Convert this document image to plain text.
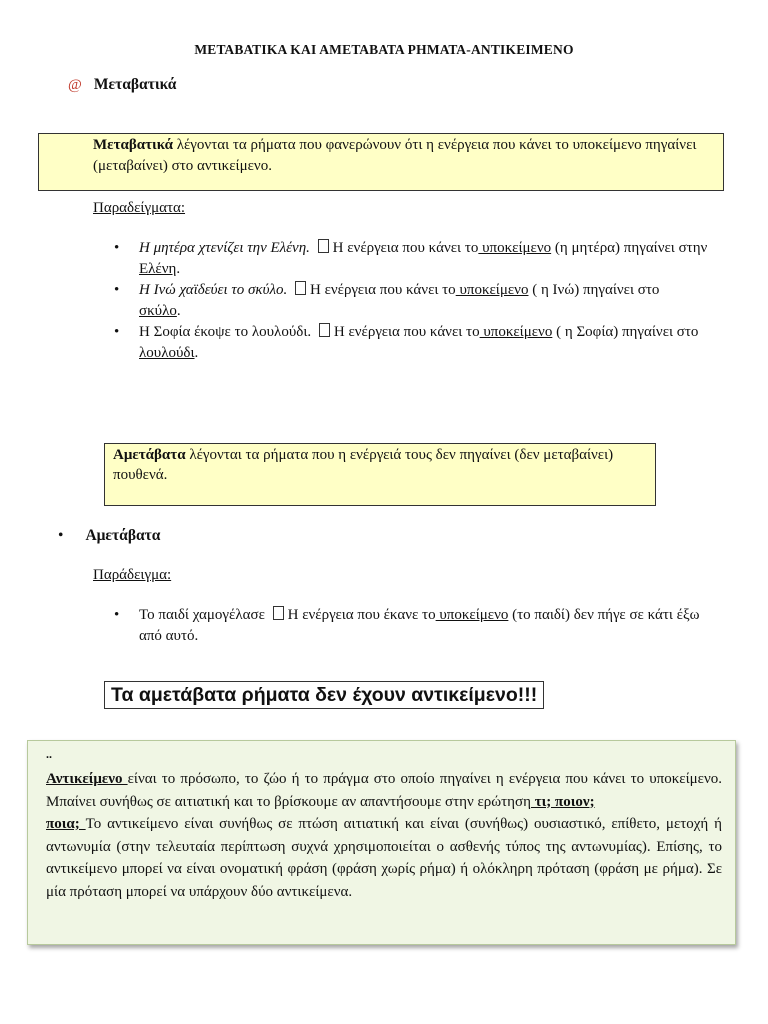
ΜΕΤΑΒΑΤΙΚΑ ΚΑΙ ΑΜΕΤΑΒΑΤΑ ΡΗΜΑΤΑ-ΑΝΤΙΚΕΙΜΕΝΟ
@ Μεταβατικά
Μεταβατικά λέγονται τα ρήματα που φανερώνουν ότι η ενέργεια που κάνει το υποκείμενο πηγαίνει (μεταβαίνει) στο αντικείμενο.
Παραδείγματα:
• Η μητέρα χτενίζει την Ελένη. Η ενέργεια που κάνει το υποκείμενο (η μητέρα) πηγαίνει στην Ελένη.
• Η Ινώ χαϊδεύει το σκύλο. Η ενέργεια που κάνει το υποκείμενο ( η Ινώ) πηγαίνει στο
σκύλο.
• Η Σοφία έκοψε το λουλούδι. Η ενέργεια που κάνει το υποκείμενο ( η Σοφία) πηγαίνει στο
λουλούδι.
Αμετάβατα λέγονται τα ρήματα που η ενέργειά τους δεν πηγαίνει (δεν μεταβαίνει) πουθενά.
• Αμετάβατα
Παράδειγμα:
• Το παιδί χαμογέλασε Η ενέργεια που έκανε το υποκείμενο (το παιδί) δεν πήγε σε κάτι έξω από αυτό.
Τα αμετάβατα ρήματα δεν έχουν αντικείμενο!!!
..
Αντικείμενο είναι το πρόσωπο, το ζώο ή το πράγμα στο οποίο πηγαίνει η ενέργεια που κάνει το υποκείμενο. Μπαίνει συνήθως σε αιτιατική και το βρίσκουμε αν απαντήσουμε στην ερώτηση τι; ποιον;
ποια; Το αντικείμενο είναι συνήθως σε πτώση αιτιατική και είναι (συνήθως) ουσιαστικό, επίθετο, μετοχή ή αντωνυμία (στην τελευταία περίπτωση συχνά χρησιμοποιείται ο ασθενής τύπος της αντωνυμίας). Επίσης, το αντικείμενο μπορεί να είναι ονοματική φράση (φράση χωρίς ρήμα) ή ολόκληρη πρόταση (φράση με ρήμα). Σε μία πρόταση μπορεί να υπάρχουν δύο αντικείμενα.
